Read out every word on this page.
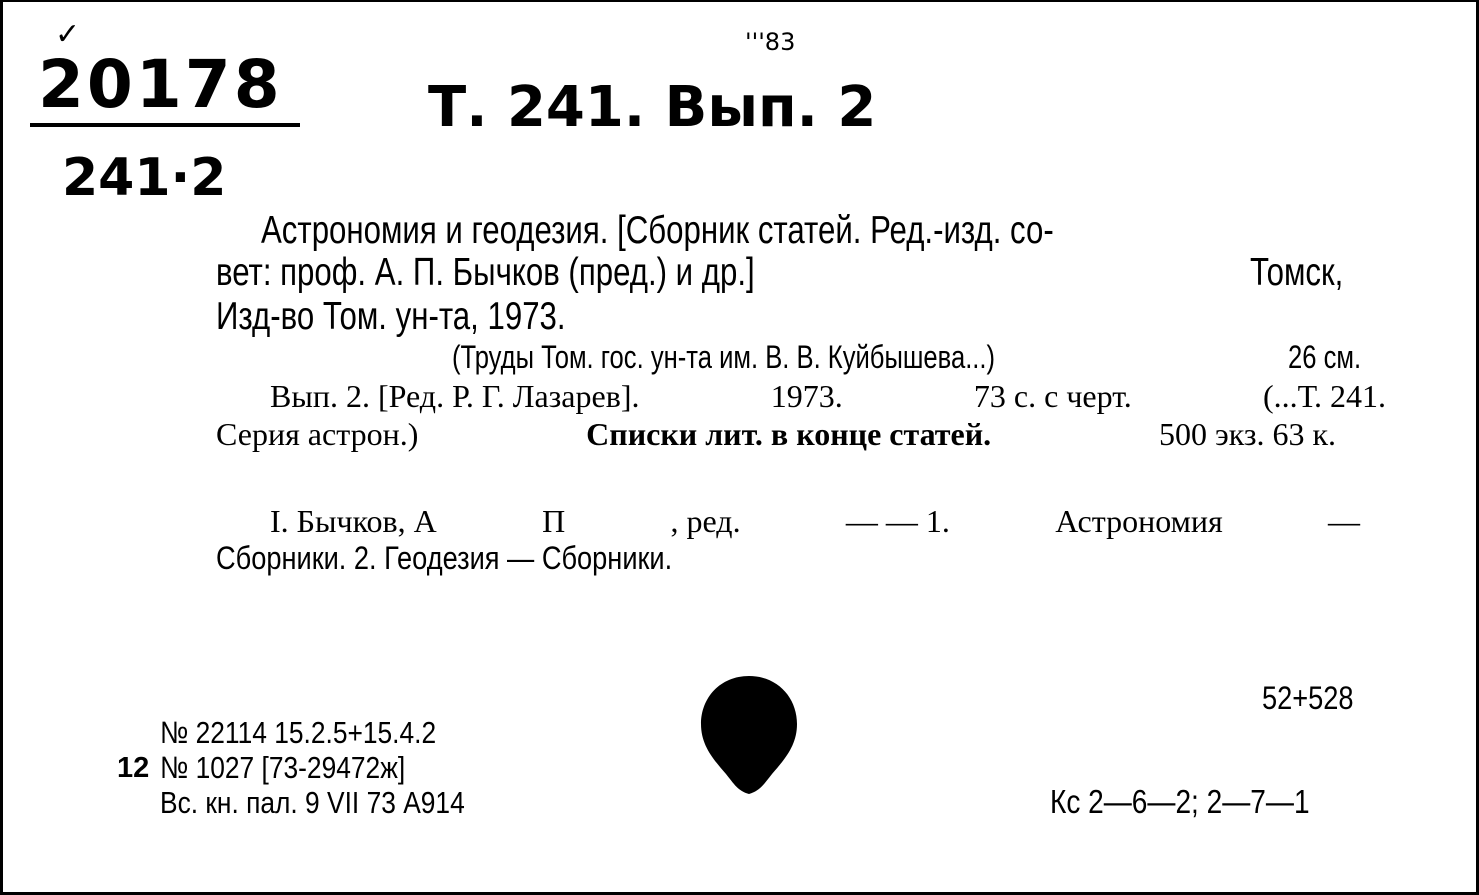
✓
20178
241·2
Т. 241. Вып. 2
'''83
Астрономия и геодезия. [Сборник статей. Ред.-изд. со-
вет: проф. А. П. Бычков (пред.) и др.]	Томск,
Изд-во Том. ун-та, 1973.
(Труды Том. гос. ун-та им. В. В. Куйбышева...)	26 см.
Вып. 2. [Ред. Р. Г. Лазарев].	1973.	73 с. с черт.	(...Т. 241.
Серия астрон.)	Списки лит. в конце статей.	500 экз. 63 к.
I. Бычков, А	П	, ред.	— — 1.	Астрономия	—
Сборники. 2. Геодезия — Сборники.
52+528
№ 22114 15.2.5+15.4.2
12 № 1027 [73-29472ж]
Вс. кн. пал. 9 VII 73 А914	Кс 2—6—2; 2—7—1
